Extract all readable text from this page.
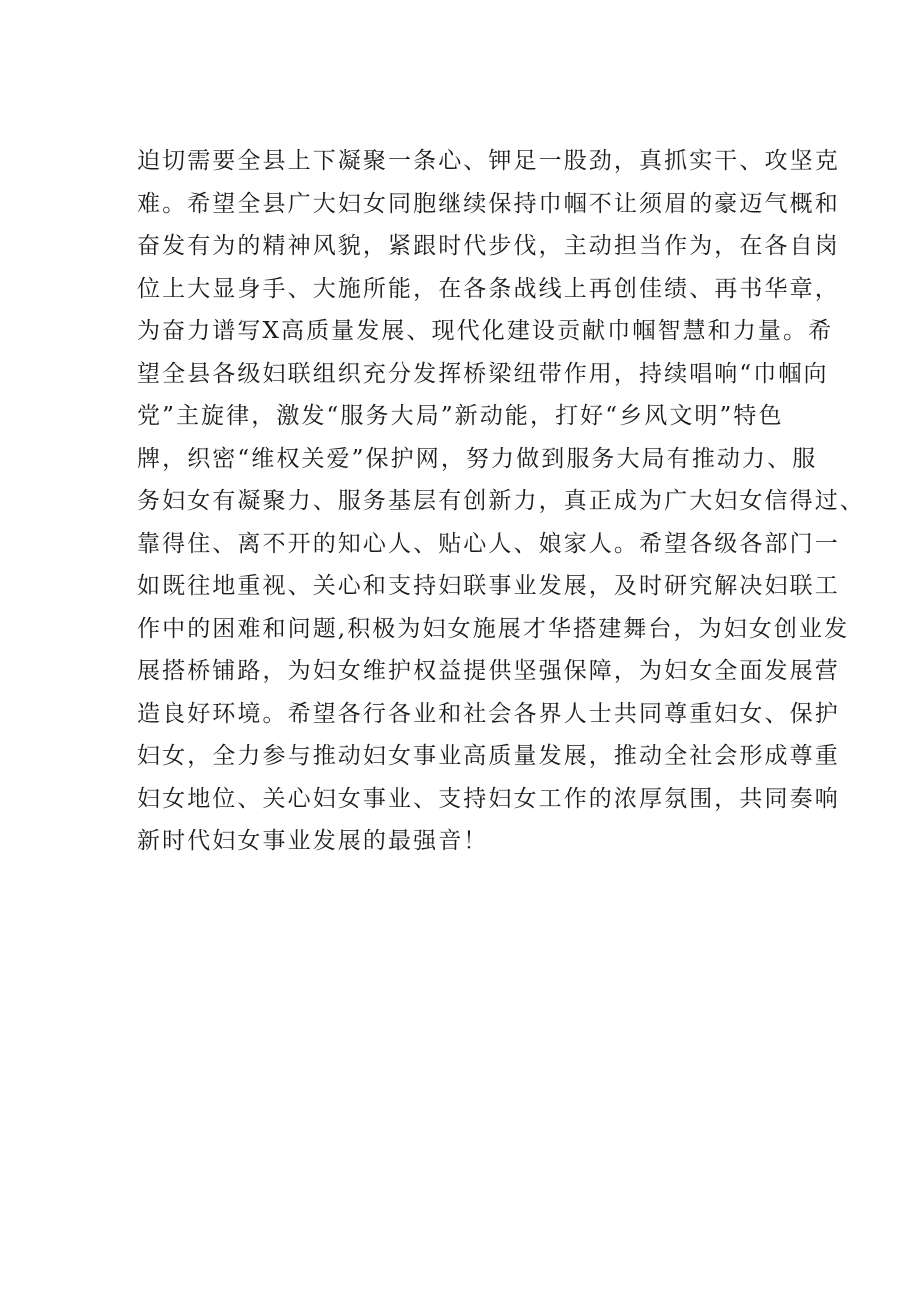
迫切需要全县上下凝聚一条心、钾足一股劲，真抓实干、攻坚克
难。希望全县广大妇女同胞继续保持巾帼不让须眉的豪迈气概和
奋发有为的精神风貌，紧跟时代步伐，主动担当作为，在各自岗
位上大显身手、大施所能，在各条战线上再创佳绩、再书华章，
为奋力谱写X高质量发展、现代化建设贡献巾帼智慧和力量。希
望全县各级妇联组织充分发挥桥梁纽带作用，持续唱响“巾帼向
党”主旋律，激发“服务大局”新动能，打好“乡风文明”特色
牌，织密“维权关爱”保护网，努力做到服务大局有推动力、服
务妇女有凝聚力、服务基层有创新力，真正成为广大妇女信得过、
靠得住、离不开的知心人、贴心人、娘家人。希望各级各部门一
如既往地重视、关心和支持妇联事业发展，及时研究解决妇联工
作中的困难和问题,积极为妇女施展才华搭建舞台，为妇女创业发
展搭桥铺路，为妇女维护权益提供坚强保障，为妇女全面发展营
造良好环境。希望各行各业和社会各界人士共同尊重妇女、保护
妇女，全力参与推动妇女事业高质量发展，推动全社会形成尊重
妇女地位、关心妇女事业、支持妇女工作的浓厚氛围，共同奏响
新时代妇女事业发展的最强音！
